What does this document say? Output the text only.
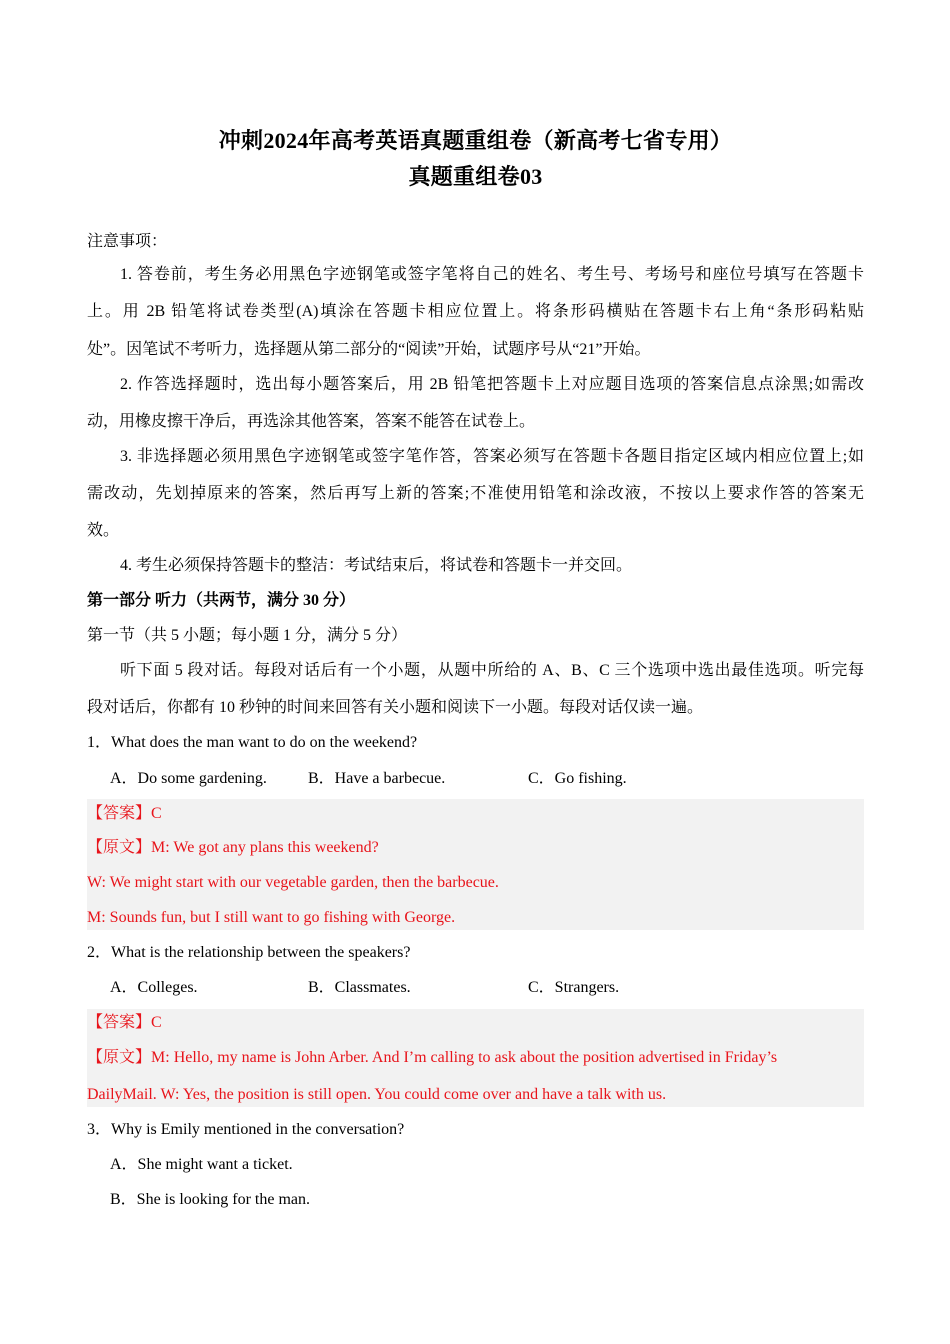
冲刺2024年高考英语真题重组卷（新高考七省专用）
真题重组卷03
注意事项：
1. 答卷前，考生务必用黑色字迹钢笔或签字笔将自己的姓名、考生号、考场号和座位号填写在答题卡
上。用 2B 铅笔将试卷类型(A)填涂在答题卡相应位置上。将条形码横贴在答题卡右上角“条形码粘贴
处”。因笔试不考听力，选择题从第二部分的“阅读”开始，试题序号从“21”开始。
2. 作答选择题时，选出每小题答案后，用 2B 铅笔把答题卡上对应题目选项的答案信息点涂黑;如需改
动，用橡皮擦干净后，再选涂其他答案，答案不能答在试卷上。
3. 非选择题必须用黑色字迹钢笔或签字笔作答，答案必须写在答题卡各题目指定区域内相应位置上;如
需改动，先划掉原来的答案，然后再写上新的答案;不准使用铅笔和涂改液，不按以上要求作答的答案无
效。
4. 考生必须保持答题卡的整洁：考试结束后，将试卷和答题卡一并交回。
第一部分 听力（共两节，满分 30 分）
第一节（共 5 小题；每小题 1 分，满分 5 分）
听下面 5 段对话。每段对话后有一个小题，从题中所给的 A、B、C 三个选项中选出最佳选项。听完每
段对话后，你都有 10 秒钟的时间来回答有关小题和阅读下一小题。每段对话仅读一遍。
1．What does the man want to do on the weekend?
A．Do some gardening.	B．Have a barbecue.	C．Go fishing.
【答案】C
【原文】M: We got any plans this weekend?
W: We might start with our vegetable garden, then the barbecue.
M: Sounds fun, but I still want to go fishing with George.
2．What is the relationship between the speakers?
A．Colleges.	B．Classmates.	C．Strangers.
【答案】C
【原文】M: Hello, my name is John Arber. And I’m calling to ask about the position advertised in Friday’s
DailyMail. W: Yes, the position is still open. You could come over and have a talk with us.
3．Why is Emily mentioned in the conversation?
A．She might want a ticket.
B．She is looking for the man.
